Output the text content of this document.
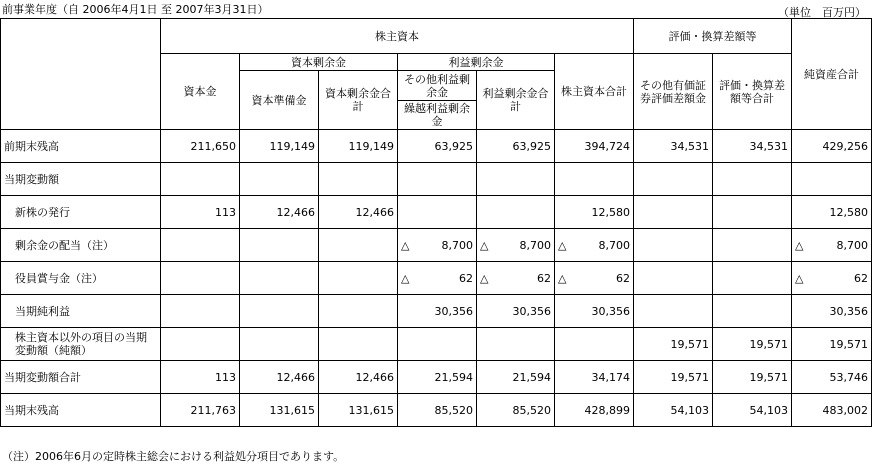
前事業年度（自 2006年4月1日 至 2007年3月31日）	（単位　百万円）
	株主資本						評価・換算差額等		純資産合計
	資本金	資本剰余金		利益剰余金		株主資本合計	その他有価証券評価差額金	評価・換算差額等合計	
		資本準備金	資本剰余金合計	その他利益剰余金	利益剰余金合計				
				繰越利益剰余金					
前期末残高	211,650	119,149	119,149	63,925	63,925	394,724	34,531	34,531	429,256
当期変動額									
新株の発行	113	12,466	12,466			12,580			12,580
剰余金の配当（注）				△ 8,700	△ 8,700	△ 8,700			△ 8,700
役員賞与金（注）				△ 62	△ 62	△ 62			△ 62
当期純利益				30,356	30,356	30,356			30,356
株主資本以外の項目の当期変動額（純額）							19,571	19,571	19,571
当期変動額合計	113	12,466	12,466	21,594	21,594	34,174	19,571	19,571	53,746
当期末残高	211,763	131,615	131,615	85,520	85,520	428,899	54,103	54,103	483,002
（注）2006年6月の定時株主総会における利益処分項目であります。
